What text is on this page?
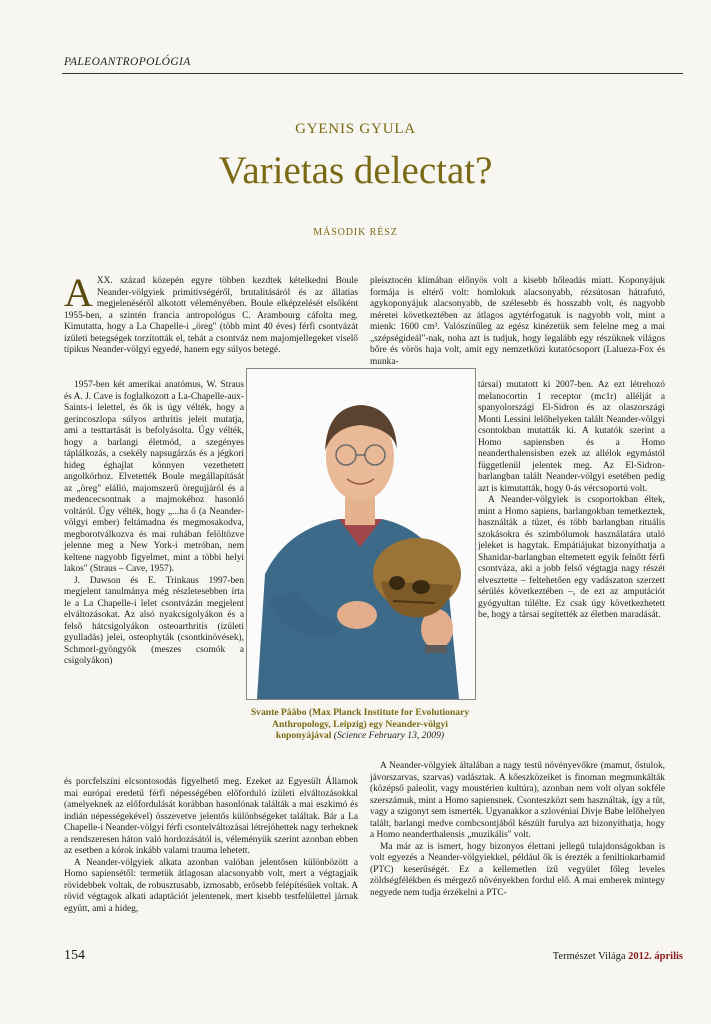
PALEOANTROPOLÓGIA
GYENIS GYULA
Varietas delectat?
MÁSODIK RÉSZ

A XX. század közepén egyre többen kezdtek kételkedni Boule Neander-völgyiek primitívségéről, brutalitásáról és az állatias megjelenéséről alkotott véleményében. Boule elképzelését elsőként 1955-ben, a szintén francia antropológus C. Arambourg cáfolta meg. Kimutatta, hogy a La Chapelle-i „öreg" (több mint 40 éves) férfi csontvázát ízületi betegségek torzították el, tehát a csontváz nem majomjellegeket viselő típikus Neander-völgyi egyedé, hanem egy súlyos betegé.

1957-ben két amerikai anatómus, W. Straus és A. J. Cave is foglalkozott a La-Chapelle-aux-Saints-i lelettel, és ők is úgy vélték, hogy a gerincoszlopa súlyos arthritis jeleit mutatja, ami a testtartását is befolyásolta. Úgy vélték, hogy a barlangi életmód, a szegényes táplálkozás, a csekély napsugárzás és a jégkori hideg éghajlat könnyen vezethetett angolkórhoz. Elvetették Boule megállapítását az „öreg" elálló, majomszerű öregujjáról és a medencecsontnak a majmokéhoz hasonló voltáról. Úgy vélték, hogy „...ha ő (a Neander-völgyi ember) feltámadna és megmosakodva, megborotválkozva és mai ruhában felöltözve jelenne meg a New York-i metróban, nem keltene nagyobb figyelmet, mint a többi helyi lakos" (Straus – Cave, 1957).

J. Dawson és E. Trinkaus 1997-ben megjelent tanulmánya még részletesebben írta le a La Chapelle-i lelet csontvázán megjelent elváltozásokat. Az alsó nyakcsigolyákon és a felső hátcsigolyákon osteoarthritis (ízületi gyulladás) jelei, osteophyták (csontkinövések), Schmorl-gyöngyök (meszes csomók a csigolyákon)

és porcfelszíni elcsontosodás figyelhető meg. Ezeket az Egyesült Államok mai európai eredetű férfi népességében előforduló ízületi elváltozásokkal (amelyeknek az előfordulását korábban hasonlónak találták a mai eszkimó és indián népességekével) összevetve jelentős különbségeket találtak. Bár a La Chapelle-i Neander-völgyi férfi csontelváltozásai létrejöhettek nagy terheknek a rendszeresen háton való hordozásától is, véleményük szerint azonban ebben az esetben a kórok inkább valami trauma lehetett.

A Neander-völgyiek alkata azonban valóban jelentősen különbözött a Homo sapiensétől: termetük átlagosan alacsonyabb volt, mert a végtagjaik rövidebbek voltak, de robusztusabb, izmosabb, erősebb felépítésűek voltak. A rövid végtagok alkati adaptációt jelentenek, mert kisebb testfelülettel járnak együtt, ami a hideg,

pleisztocén klímában előnyös volt a kisebb hőleadás miatt. Koponyájuk formája is eltérő volt: homlokuk alacsonyabb, rézsútosan hátrafutó, agykoponyájuk alacsonyabb, de szélesebb és hosszabb volt, és nagyobb méretei következtében az átlagos agytérfogatuk is nagyobb volt, mint a mienk: 1600 cm³. Valószínűleg az egész kinézetük sem felelne meg a mai „szépségideál"-nak, noha azt is tudjuk, hogy legalább egy részüknek világos bőre és vörös haja volt, amit egy nemzetközi kutatócsoport (Lalueza-Fox és munka-

társai) mutatott ki 2007-ben. Az ezt létrehozó melanocortin 1 receptor (mc1r) allélját a spanyolországi El-Sidron és az olaszországi Monti Lessini lelőhelyeken talált Neander-völgyi csontokban mutatták ki. A kutatók szerint a Homo sapiensben és a Homo neanderthalensisben ezek az allélok egymástól függetlenül jelentek meg. Az El-Sidron-barlangban talált Neander-völgyi esetében pedig azt is kimutatták, hogy 0-ás vércsoportú volt.

A Neander-völgyiek is csoportokban éltek, mint a Homo sapiens, barlangokban temetkeztek, használták a tüzet, és több barlangban rituális szokásokra és szimbólumok használatára utaló jeleket is hagytak. Empátiájukat bizonyíthatja a Shanidar-barlangban eltemetett egyik felnőtt férfi csontváza, aki a jobb felső végtagja nagy részét elvesztette – feltehetően egy vadászaton szerzett sérülés következtében –, de ezt az amputációt gyógyultan túlélte. Ez csak úgy következhetett be, hogy a társai segítették az életben maradását.

A Neander-völgyiek általában a nagy testű növényevőkre (mamut, őstulok, jávorszarvas, szarvas) vadásztak. A kőeszközeiket is finoman megmunkálták (középső paleolit, vagy moustérien kultúra), azonban nem volt olyan sokféle szerszámuk, mint a Homo sapiensnek. Csonteszközt sem használtak, így a tűt, vagy a szigonyt sem ismerték. Ugyanakkor a szlovéniai Divje Babe lelőhelyen talált, barlangi medve combcsontjából készült furulya azt bizonyíthatja, hogy a Homo neanderthalensis „muzikális" volt.

Ma már az is ismert, hogy bizonyos élettani jellegű tulajdonságokban is volt egyezés a Neander-völgyiekkel, például ők is érezték a feniltiokarbamid (PTC) keserűségét. Ez a kellemetlen ízű vegyület főleg leveles zöldségfélékben és mérgező növényekben fordul elő. A mai emberek mintegy negyede nem tudja érzékelni a PTC-

Svante Pääbo (Max Planck Institute for Evolutionary Anthropology, Leipzig) egy Neander-völgyi koponyájával (Science February 13, 2009)
154	Természet Világa 2012. április
